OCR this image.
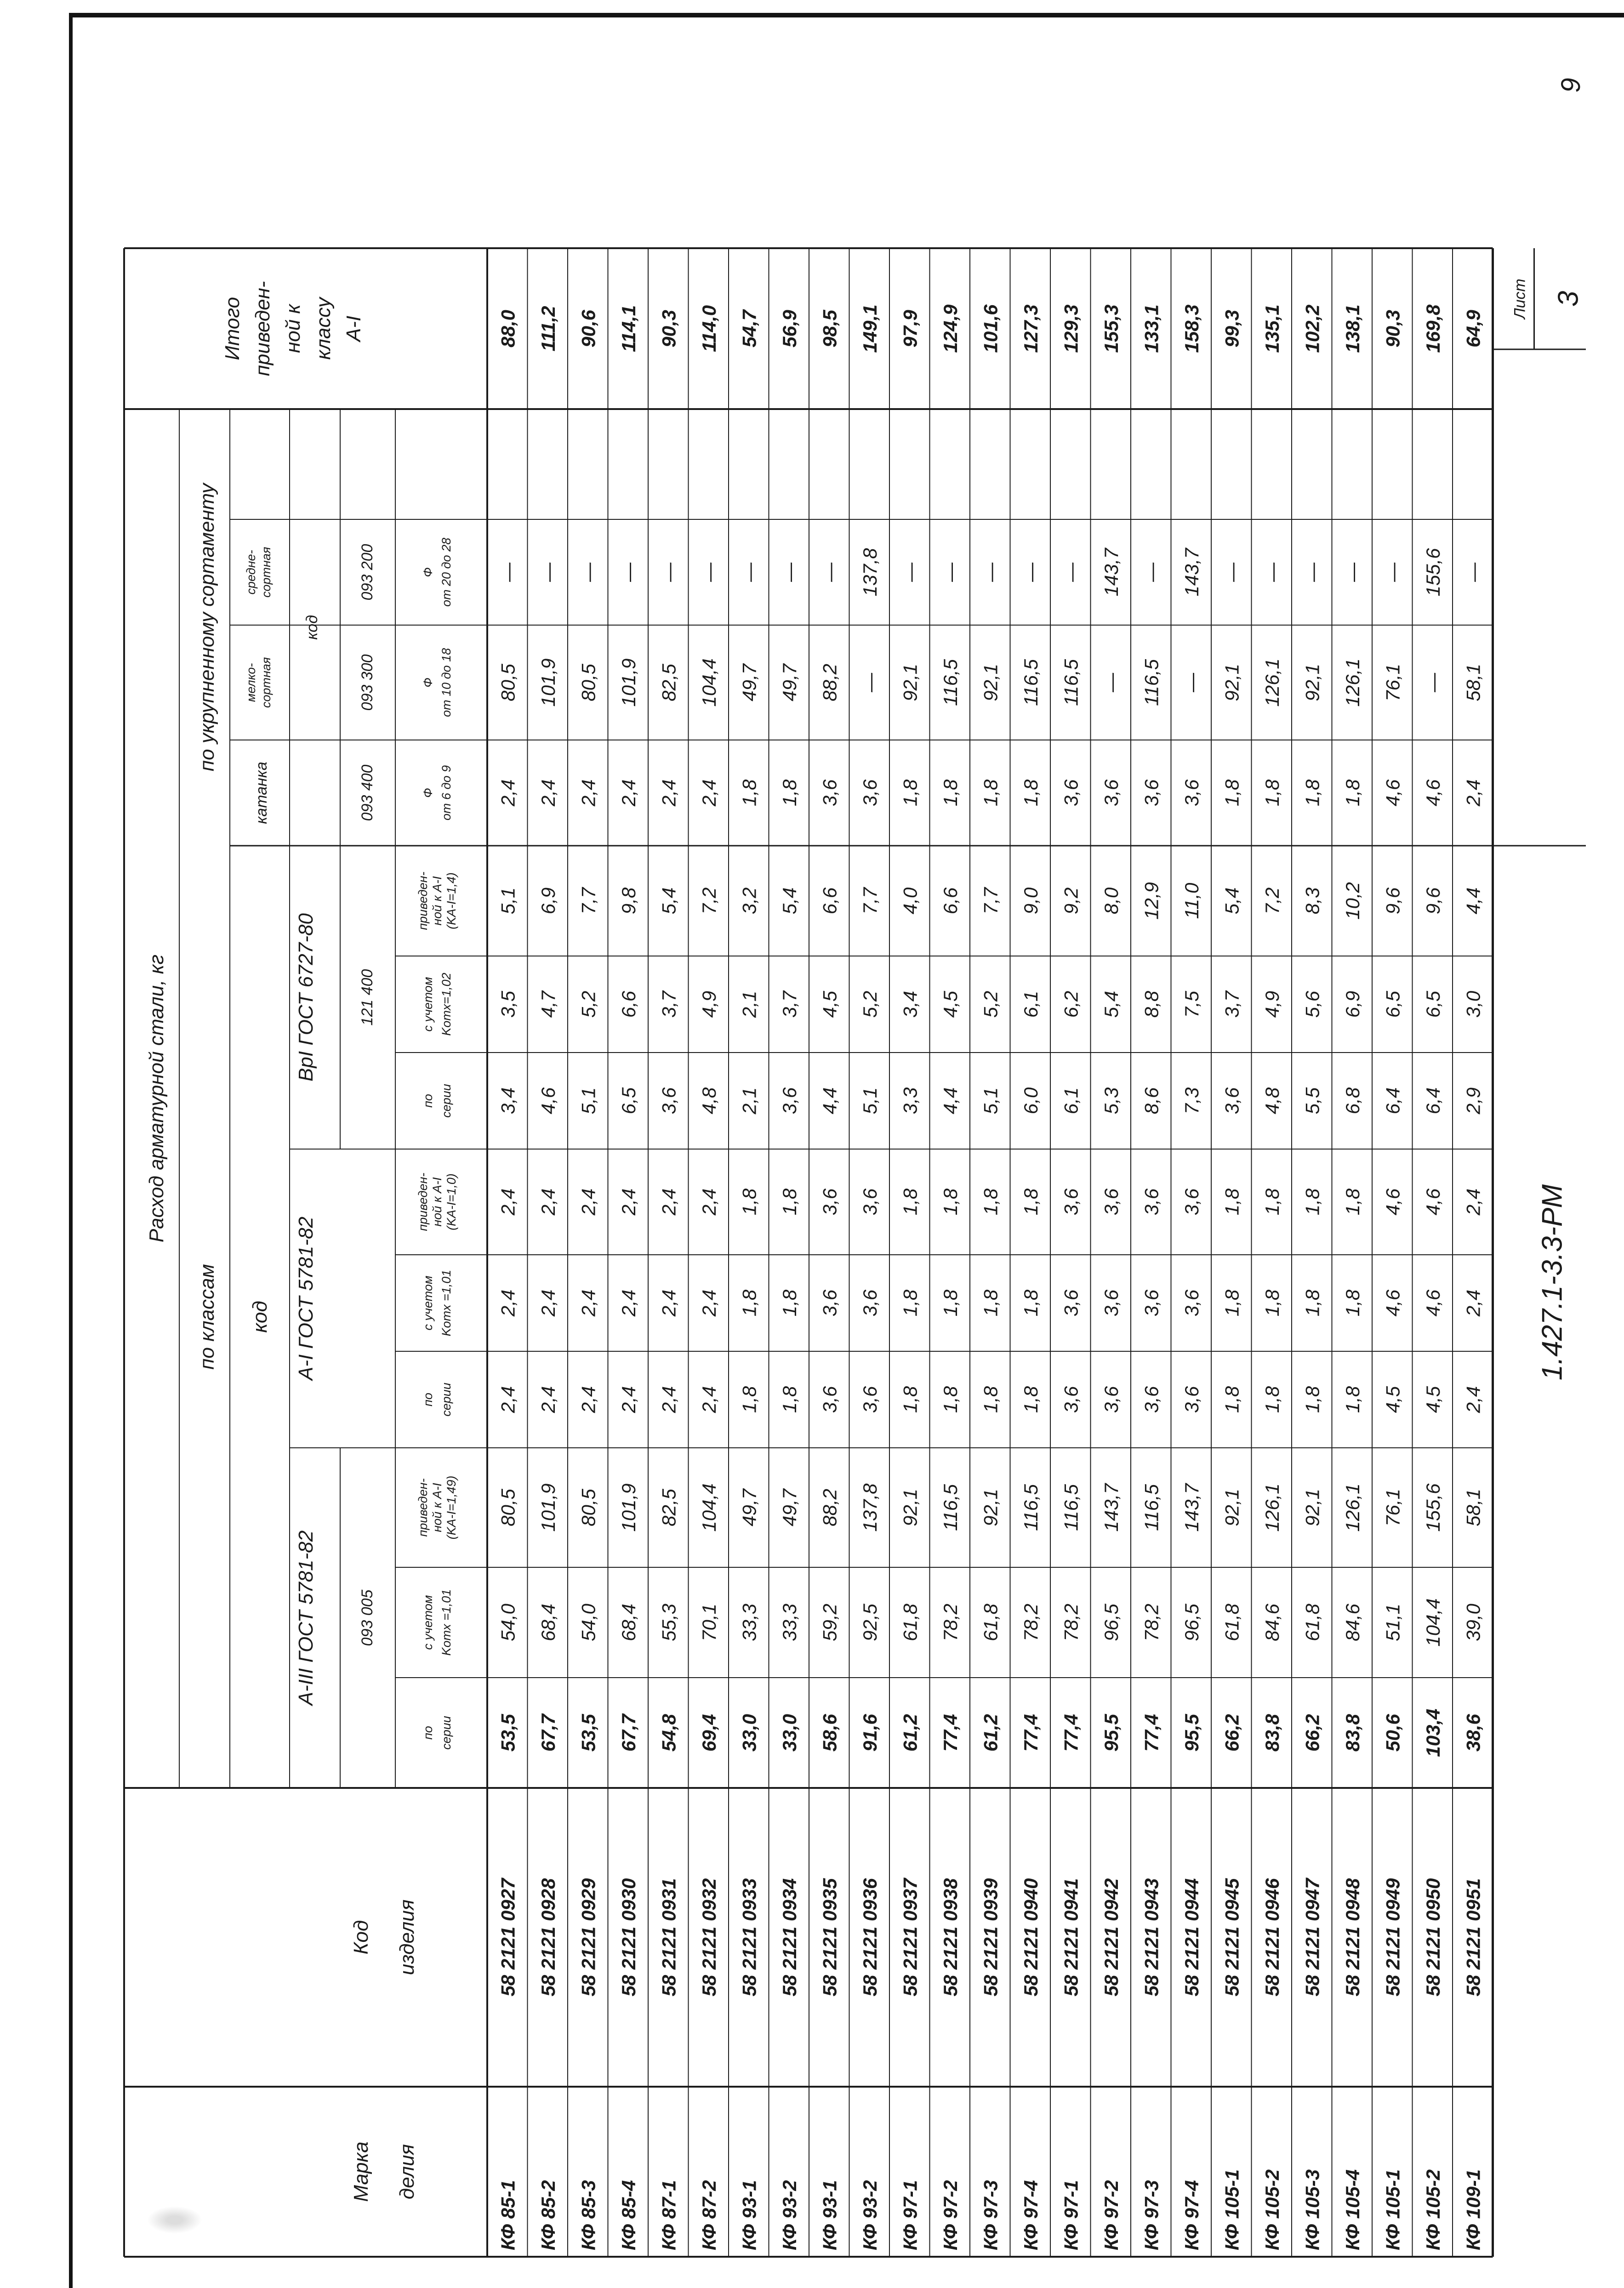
6
Марка делия
Код изделия
Расход арматурной стали, кг
по классам
по укрупненному сортаменту
код
А-III ГОСТ 5781-82
А-I ГОСТ 5781-82
ВрI ГОСТ 6727-80
093 005
121 400
катанка
мелко- сортная
средне- сортная
код
093 400
093 300
093 200
по серии
с учетом Kотх =1,01
приведен- ной к А-I (KA-I=1,49)
по серии
с учетом Kотх =1,01
приведен- ной к А-I (KA-I=1,0)
по серии
с учетом Kотх=1,02
приведен- ной к А-I (KA-I=1,4)
Ф от 6 до 9
Ф от 10 до 18
Ф от 20 до 28
Итого приведен- ной к классу А-I
КФ 85-1
58 2121 0927
53,5
54,0
80,5
2,4
2,4
2,4
3,4
3,5
5,1
2,4
80,5
—
88,0
КФ 85-2
58 2121 0928
67,7
68,4
101,9
2,4
2,4
2,4
4,6
4,7
6,9
2,4
101,9
—
111,2
КФ 85-3
58 2121 0929
53,5
54,0
80,5
2,4
2,4
2,4
5,1
5,2
7,7
2,4
80,5
—
90,6
КФ 85-4
58 2121 0930
67,7
68,4
101,9
2,4
2,4
2,4
6,5
6,6
9,8
2,4
101,9
—
114,1
КФ 87-1
58 2121 0931
54,8
55,3
82,5
2,4
2,4
2,4
3,6
3,7
5,4
2,4
82,5
—
90,3
КФ 87-2
58 2121 0932
69,4
70,1
104,4
2,4
2,4
2,4
4,8
4,9
7,2
2,4
104,4
—
114,0
КФ 93-1
58 2121 0933
33,0
33,3
49,7
1,8
1,8
1,8
2,1
2,1
3,2
1,8
49,7
—
54,7
КФ 93-2
58 2121 0934
33,0
33,3
49,7
1,8
1,8
1,8
3,6
3,7
5,4
1,8
49,7
—
56,9
КФ 93-1
58 2121 0935
58,6
59,2
88,2
3,6
3,6
3,6
4,4
4,5
6,6
3,6
88,2
—
98,5
КФ 93-2
58 2121 0936
91,6
92,5
137,8
3,6
3,6
3,6
5,1
5,2
7,7
3,6
—
137,8
149,1
КФ 97-1
58 2121 0937
61,2
61,8
92,1
1,8
1,8
1,8
3,3
3,4
4,0
1,8
92,1
—
97,9
КФ 97-2
58 2121 0938
77,4
78,2
116,5
1,8
1,8
1,8
4,4
4,5
6,6
1,8
116,5
—
124,9
КФ 97-3
58 2121 0939
61,2
61,8
92,1
1,8
1,8
1,8
5,1
5,2
7,7
1,8
92,1
—
101,6
КФ 97-4
58 2121 0940
77,4
78,2
116,5
1,8
1,8
1,8
6,0
6,1
9,0
1,8
116,5
—
127,3
КФ 97-1
58 2121 0941
77,4
78,2
116,5
3,6
3,6
3,6
6,1
6,2
9,2
3,6
116,5
—
129,3
КФ 97-2
58 2121 0942
95,5
96,5
143,7
3,6
3,6
3,6
5,3
5,4
8,0
3,6
—
143,7
155,3
КФ 97-3
58 2121 0943
77,4
78,2
116,5
3,6
3,6
3,6
8,6
8,8
12,9
3,6
116,5
—
133,1
КФ 97-4
58 2121 0944
95,5
96,5
143,7
3,6
3,6
3,6
7,3
7,5
11,0
3,6
—
143,7
158,3
КФ 105-1
58 2121 0945
66,2
61,8
92,1
1,8
1,8
1,8
3,6
3,7
5,4
1,8
92,1
—
99,3
КФ 105-2
58 2121 0946
83,8
84,6
126,1
1,8
1,8
1,8
4,8
4,9
7,2
1,8
126,1
—
135,1
КФ 105-3
58 2121 0947
66,2
61,8
92,1
1,8
1,8
1,8
5,5
5,6
8,3
1,8
92,1
—
102,2
КФ 105-4
58 2121 0948
83,8
84,6
126,1
1,8
1,8
1,8
6,8
6,9
10,2
1,8
126,1
—
138,1
КФ 105-1
58 2121 0949
50,6
51,1
76,1
4,5
4,6
4,6
6,4
6,5
9,6
4,6
76,1
—
90,3
КФ 105-2
58 2121 0950
103,4
104,4
155,6
4,5
4,6
4,6
6,4
6,5
9,6
4,6
—
155,6
169,8
КФ 109-1
58 2121 0951
38,6
39,0
58,1
2,4
2,4
2,4
2,9
3,0
4,4
2,4
58,1
—
64,9
1.427.1-3.3-РМ
Лист 3
